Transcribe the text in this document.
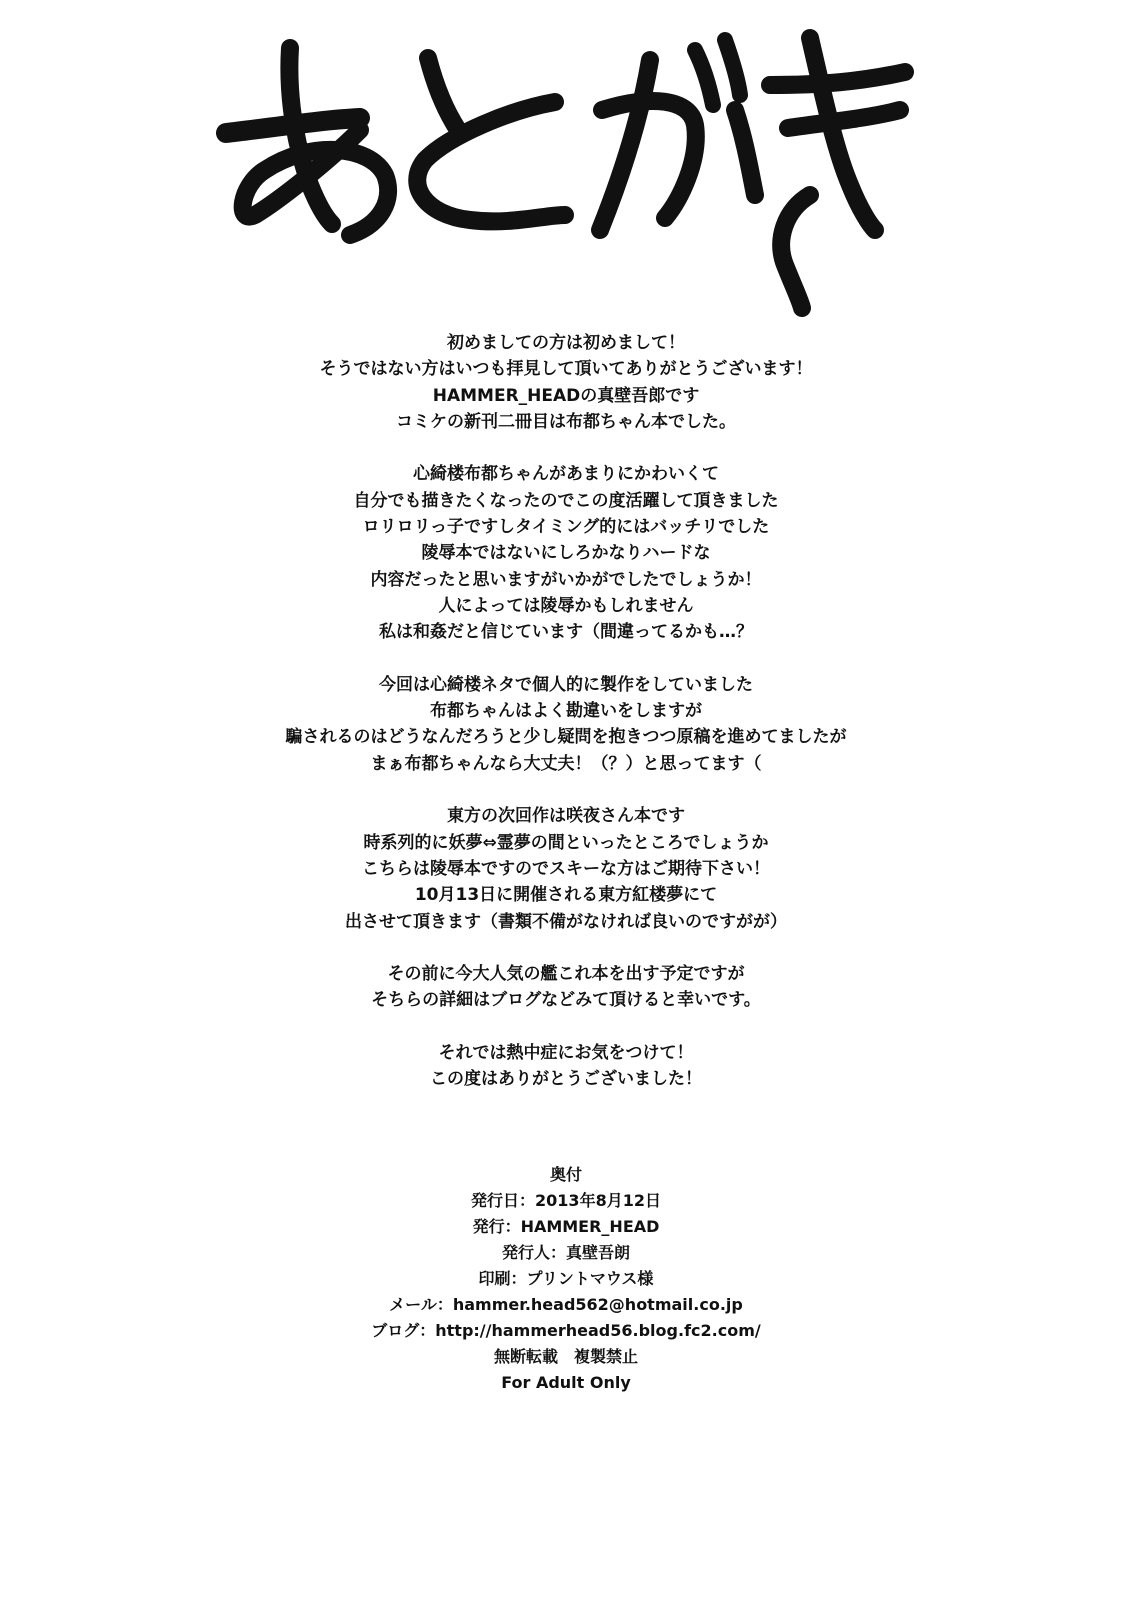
初めましての方は初めまして！
そうではない方はいつも拝見して頂いてありがとうございます！
HAMMER_HEADの真壁吾郎です
コミケの新刊二冊目は布都ちゃん本でした。
心綺楼布都ちゃんがあまりにかわいくて
自分でも描きたくなったのでこの度活躍して頂きました
ロリロリっ子ですしタイミング的にはバッチリでした
陵辱本ではないにしろかなりハードな
内容だったと思いますがいかがでしたでしょうか！
人によっては陵辱かもしれません
私は和姦だと信じています（間違ってるかも…？
今回は心綺楼ネタで個人的に製作をしていました
布都ちゃんはよく勘違いをしますが
騙されるのはどうなんだろうと少し疑問を抱きつつ原稿を進めてましたが
まぁ布都ちゃんなら大丈夫！（？）と思ってます（
東方の次回作は咲夜さん本です
時系列的に妖夢⇔霊夢の間といったところでしょうか
こちらは陵辱本ですのでスキーな方はご期待下さい！
10月13日に開催される東方紅楼夢にて
出させて頂きます（書類不備がなければ良いのですがが）
その前に今大人気の艦これ本を出す予定ですが
そちらの詳細はブログなどみて頂けると幸いです。
それでは熱中症にお気をつけて！
この度はありがとうございました！
奥付
発行日：2013年8月12日
発行：HAMMER_HEAD
発行人：真壁吾朗
印刷：プリントマウス様
メール：hammer.head562@hotmail.co.jp
ブログ：http://hammerhead56.blog.fc2.com/
無断転載　複製禁止
For Adult Only
